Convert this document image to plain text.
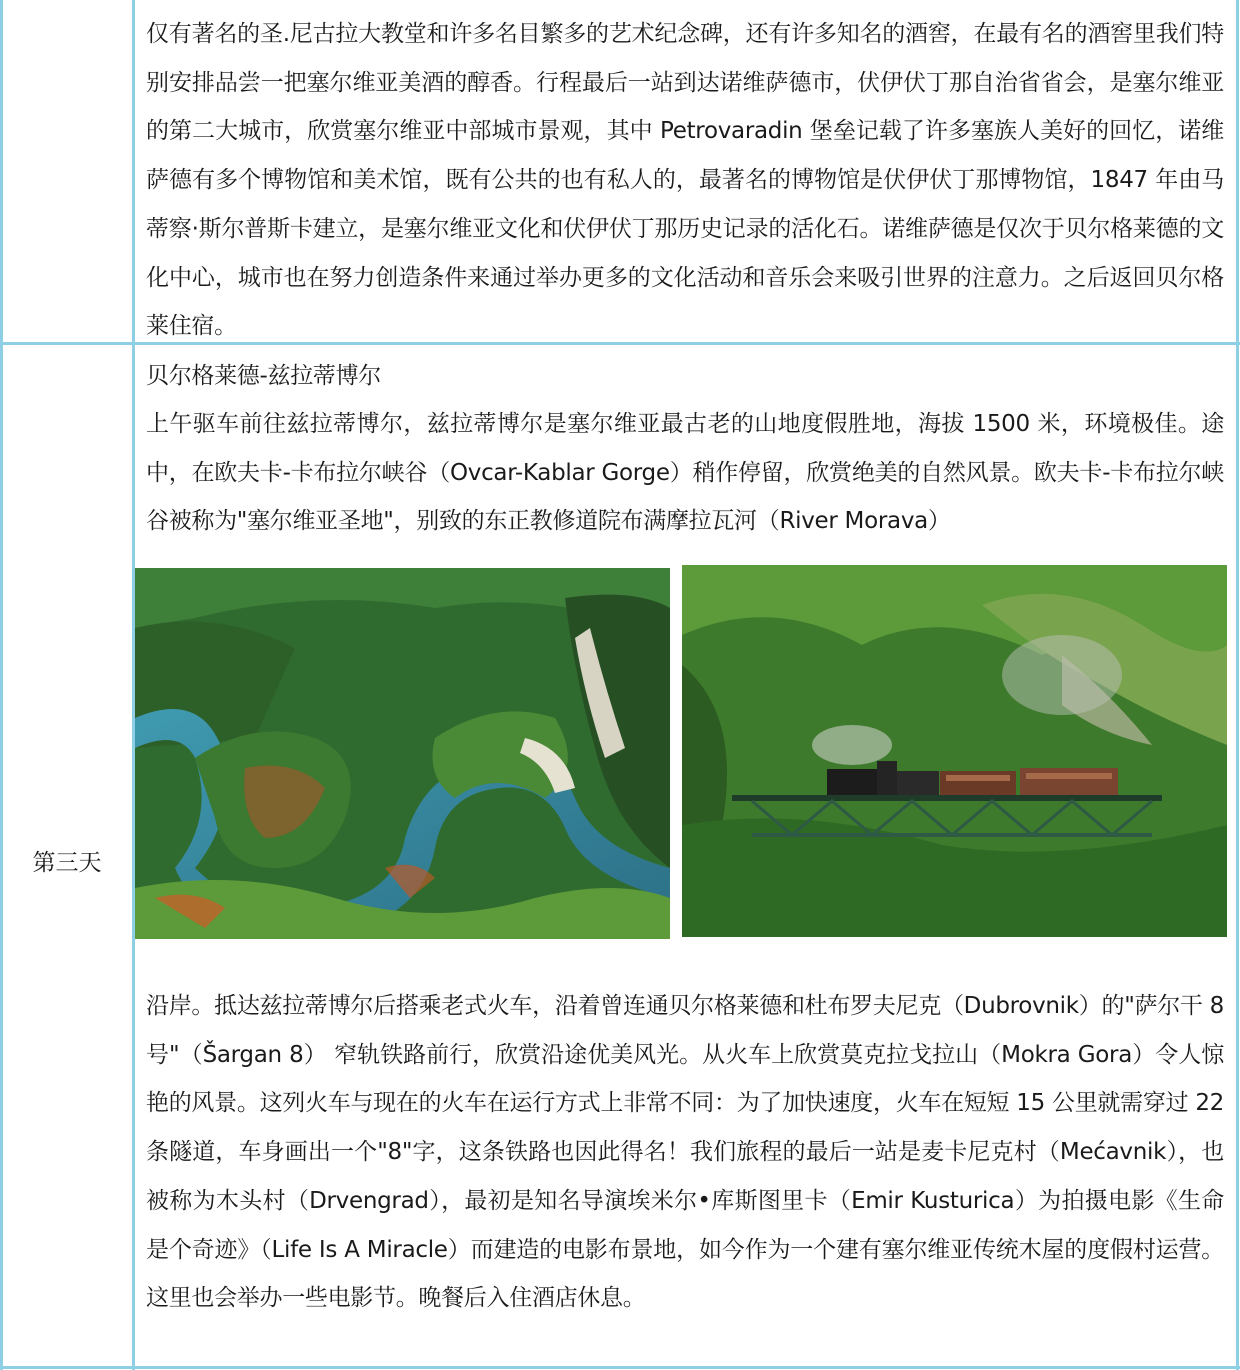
仅有著名的圣.尼古拉大教堂和许多名目繁多的艺术纪念碑，还有许多知名的酒窖，在最有名的酒窖里我们特别安排品尝一把塞尔维亚美酒的醇香。行程最后一站到达诺维萨德市，伏伊伏丁那自治省省会，是塞尔维亚的第二大城市，欣赏塞尔维亚中部城市景观，其中 Petrovaradin 堡垒记载了许多塞族人美好的回忆，诺维萨德有多个博物馆和美术馆，既有公共的也有私人的，最著名的博物馆是伏伊伏丁那博物馆，1847 年由马蒂察·斯尔普斯卡建立，是塞尔维亚文化和伏伊伏丁那历史记录的活化石。诺维萨德是仅次于贝尔格莱德的文化中心，城市也在努力创造条件来通过举办更多的文化活动和音乐会来吸引世界的注意力。之后返回贝尔格莱住宿。

第三天

贝尔格莱德-兹拉蒂博尔

上午驱车前往兹拉蒂博尔，兹拉蒂博尔是塞尔维亚最古老的山地度假胜地，海拔 1500 米，环境极佳。途中，在欧夫卡-卡布拉尔峡谷（Ovcar-Kablar Gorge）稍作停留，欣赏绝美的自然风景。欧夫卡-卡布拉尔峡谷被称为"塞尔维亚圣地"，别致的东正教修道院布满摩拉瓦河（River Morava）

沿岸。抵达兹拉蒂博尔后搭乘老式火车，沿着曾连通贝尔格莱德和杜布罗夫尼克（Dubrovnik）的"萨尔干 8 号"（Šargan 8） 窄轨铁路前行，欣赏沿途优美风光。从火车上欣赏莫克拉戈拉山（Mokra Gora）令人惊艳的风景。这列火车与现在的火车在运行方式上非常不同：为了加快速度，火车在短短 15 公里就需穿过 22 条隧道，车身画出一个"8"字，这条铁路也因此得名！我们旅程的最后一站是麦卡尼克村（Mećavnik），也被称为木头村（Drvengrad），最初是知名导演埃米尔•库斯图里卡（Emir Kusturica）为拍摄电影《生命是个奇迹》（Life Is A Miracle）而建造的电影布景地，如今作为一个建有塞尔维亚传统木屋的度假村运营。这里也会举办一些电影节。晚餐后入住酒店休息。
